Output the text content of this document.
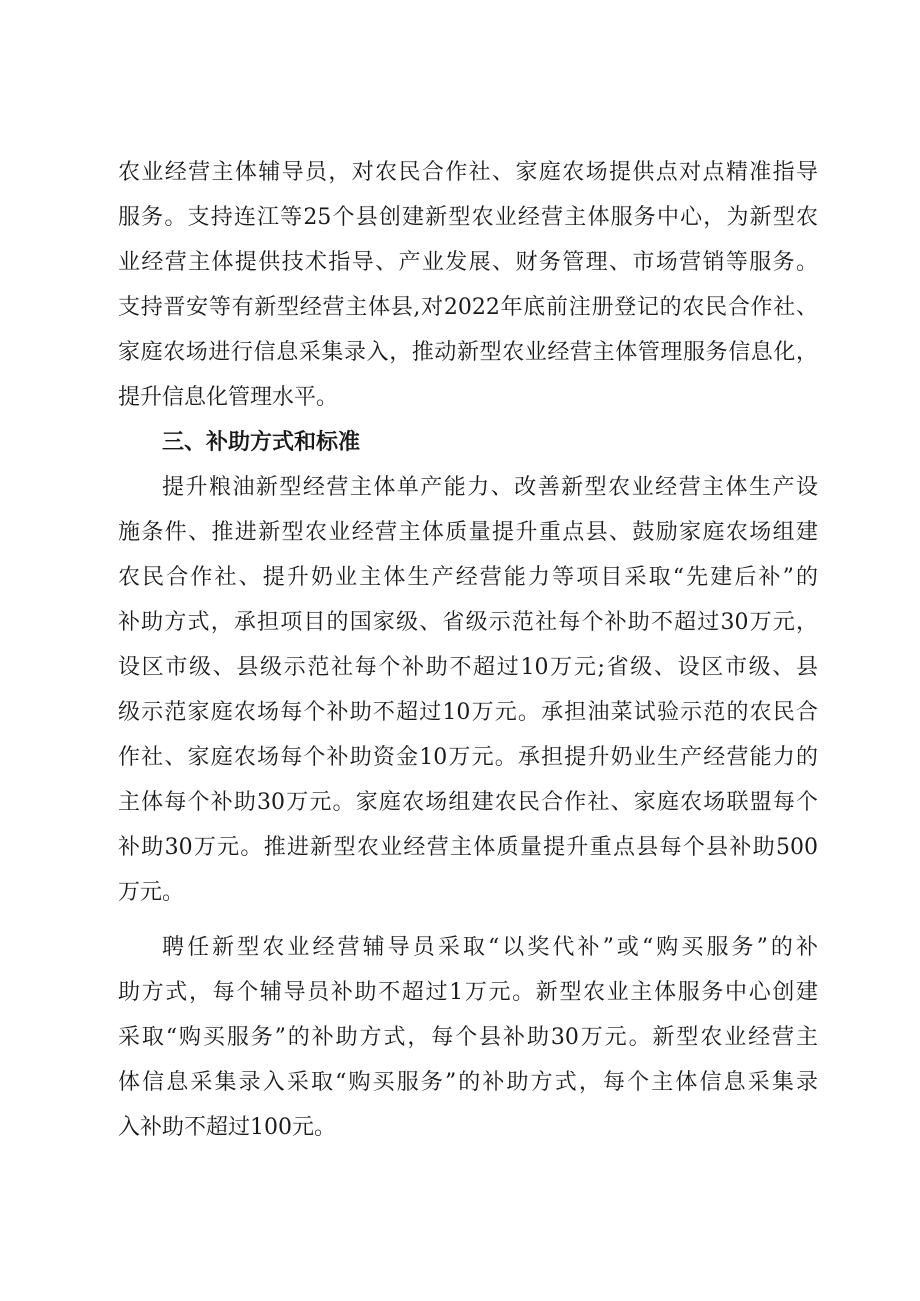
农业经营主体辅导员，对农民合作社、家庭农场提供点对点精准指导
服务。支持连江等25个县创建新型农业经营主体服务中心，为新型农
业经营主体提供技术指导、产业发展、财务管理、市场营销等服务。
支持晋安等有新型经营主体县,对2022年底前注册登记的农民合作社、
家庭农场进行信息采集录入，推动新型农业经营主体管理服务信息化，
提升信息化管理水平。
三、补助方式和标准
提升粮油新型经营主体单产能力、改善新型农业经营主体生产设
施条件、推进新型农业经营主体质量提升重点县、鼓励家庭农场组建
农民合作社、提升奶业主体生产经营能力等项目采取“先建后补”的
补助方式，承担项目的国家级、省级示范社每个补助不超过30万元，
设区市级、县级示范社每个补助不超过10万元;省级、设区市级、县
级示范家庭农场每个补助不超过10万元。承担油菜试验示范的农民合
作社、家庭农场每个补助资金10万元。承担提升奶业生产经营能力的
主体每个补助30万元。家庭农场组建农民合作社、家庭农场联盟每个
补助30万元。推进新型农业经营主体质量提升重点县每个县补助500
万元。
聘任新型农业经营辅导员采取“以奖代补”或“购买服务”的补
助方式，每个辅导员补助不超过1万元。新型农业主体服务中心创建
采取“购买服务”的补助方式，每个县补助30万元。新型农业经营主
体信息采集录入采取“购买服务”的补助方式，每个主体信息采集录
入补助不超过100元。
